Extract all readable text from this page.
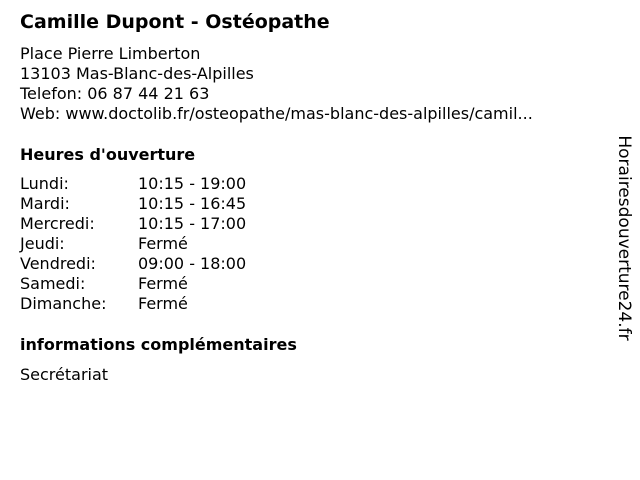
Camille Dupont - Ostéopathe
Place Pierre Limberton
13103 Mas-Blanc-des-Alpilles
Telefon: 06 87 44 21 63
Web: www.doctolib.fr/osteopathe/mas-blanc-des-alpilles/camil...
Heures d'ouverture
Lundi:	10:15 - 19:00
Mardi:	10:15 - 16:45
Mercredi:	10:15 - 17:00
Jeudi:	Fermé
Vendredi:	09:00 - 18:00
Samedi:	Fermé
Dimanche: Fermé
informations complémentaires
Secrétariat
Horairesdouverture24.fr
